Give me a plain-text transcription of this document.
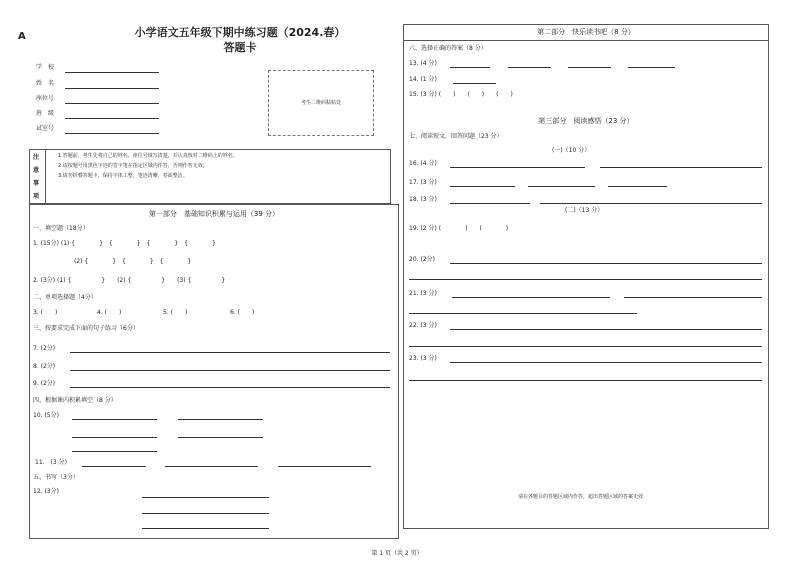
A	小学语文五年级下期中练习题（2024.春）
答题卡
学　校
姓　名
座位号
班　级
试室号
考生二维码粘贴处
注
意
事
项
1.答题前，考生先将自己的姓名、座位号填写清楚，并认真核对二维码上的姓名；
2.请按题号用黑色字迹的签字笔在指定区域内作答，否则作答无效；
3.请勿折叠答题卡，保持字体工整，笔迹清晰，卷面整洁。
第一部分　基础知识积累与运用（39 分）
一、填空题（18分）
1. (15分) (1) {　　　　}　{　　　　}　{　　　　}　{　　　　}
(2) {　　　　}　{　　　　}　{　　　　}
2. (3分) (1) {　　　　　}　　(2) {　　　　　}　　(3) {　　　　　}
二、单项选择题（4分）
3. (　　)	4. (　　)	5. (　　)	6. (　　)
三、按要求完成下面的句子练习（6分）
7. (2分)
8. (2分)
9. (2分)
四、根据课内积累填空（8 分）
10. (5分)
11.　(3 分)
五、书写（3分）
12. (3分)
第二部分　快乐读书吧（8 分）
六、选择正确的答案（8 分）
13. (4 分)
14. (1 分)
15. (3 分) (　　)　　(　　)　　(　　)
第三部分　阅读感悟（23 分）
七、阅读短文，回答问题（23 分）
(一)（10 分）
16. (4 分)
17. (3 分)
18. (3 分)
(二)（13 分）
19. (2 分) (　　　　)　　(　　　　)
20. (2分)
21. (3 分)
22. (3 分)
23. (3 分)
请在各题目的答题区域内作答，超出答题区域的答案无效
第 1 页（共 2 页）
